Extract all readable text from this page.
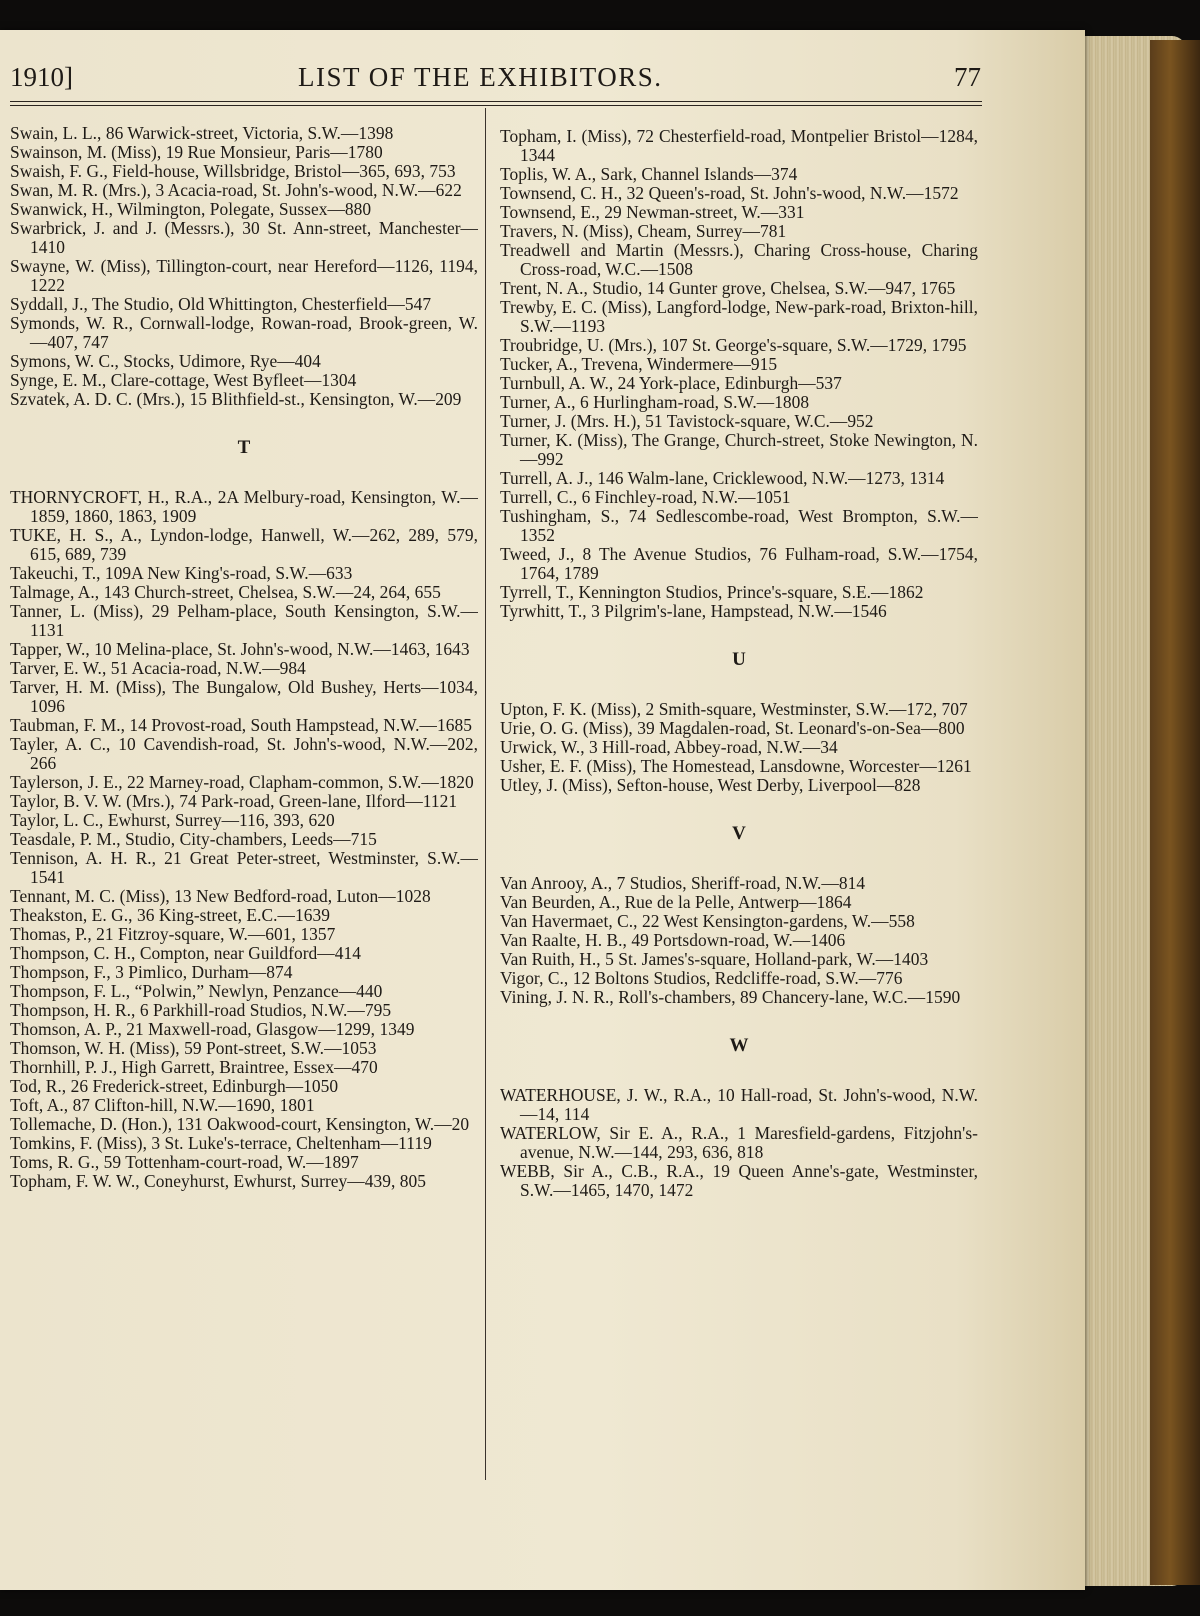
1910]	LIST OF THE EXHIBITORS.	77

Swain, L. L., 86 Warwick-street, Victoria, S.W.—1398

Swainson, M. (Miss), 19 Rue Monsieur, Paris—1780

Swaish, F. G., Field-house, Willsbridge, Bristol—365, 693, 753

Swan, M. R. (Mrs.), 3 Acacia-road, St. John's-wood, N.W.—622

Swanwick, H., Wilmington, Polegate, Sussex—880

Swarbrick, J. and J. (Messrs.), 30 St. Ann-street, Manchester—1410

Swayne, W. (Miss), Tillington-court, near Hereford—1126, 1194, 1222

Syddall, J., The Studio, Old Whittington, Chesterfield—547

Symonds, W. R., Cornwall-lodge, Rowan-road, Brook-green, W.—407, 747

Symons, W. C., Stocks, Udimore, Rye—404

Synge, E. M., Clare-cottage, West Byfleet—1304

Szvatek, A. D. C. (Mrs.), 15 Blithfield-st., Kensington, W.—209

T

THORNYCROFT, H., R.A., 2A Melbury-road, Kensington, W.—1859, 1860, 1863, 1909

TUKE, H. S., A., Lyndon-lodge, Hanwell, W.—262, 289, 579, 615, 689, 739

Takeuchi, T., 109A New King's-road, S.W.—633

Talmage, A., 143 Church-street, Chelsea, S.W.—24, 264, 655

Tanner, L. (Miss), 29 Pelham-place, South Kensington, S.W.—1131

Tapper, W., 10 Melina-place, St. John's-wood, N.W.—1463, 1643

Tarver, E. W., 51 Acacia-road, N.W.—984

Tarver, H. M. (Miss), The Bungalow, Old Bushey, Herts—1034, 1096

Taubman, F. M., 14 Provost-road, South Hampstead, N.W.—1685

Tayler, A. C., 10 Cavendish-road, St. John's-wood, N.W.—202, 266

Taylerson, J. E., 22 Marney-road, Clapham-common, S.W.—1820

Taylor, B. V. W. (Mrs.), 74 Park-road, Green-lane, Ilford—1121

Taylor, L. C., Ewhurst, Surrey—116, 393, 620

Teasdale, P. M., Studio, City-chambers, Leeds—715

Tennison, A. H. R., 21 Great Peter-street, Westminster, S.W.—1541

Tennant, M. C. (Miss), 13 New Bedford-road, Luton—1028

Theakston, E. G., 36 King-street, E.C.—1639

Thomas, P., 21 Fitzroy-square, W.—601, 1357

Thompson, C. H., Compton, near Guildford—414

Thompson, F., 3 Pimlico, Durham—874

Thompson, F. L., “Polwin,” Newlyn, Penzance—440

Thompson, H. R., 6 Parkhill-road Studios, N.W.—795

Thomson, A. P., 21 Maxwell-road, Glasgow—1299, 1349

Thomson, W. H. (Miss), 59 Pont-street, S.W.—1053

Thornhill, P. J., High Garrett, Braintree, Essex—470

Tod, R., 26 Frederick-street, Edinburgh—1050

Toft, A., 87 Clifton-hill, N.W.—1690, 1801

Tollemache, D. (Hon.), 131 Oakwood-court, Kensington, W.—20

Tomkins, F. (Miss), 3 St. Luke's-terrace, Cheltenham—1119

Toms, R. G., 59 Tottenham-court-road, W.—1897

Topham, F. W. W., Coneyhurst, Ewhurst, Surrey—439, 805

Topham, I. (Miss), 72 Chesterfield-road, Montpelier Bristol—1284, 1344

Toplis, W. A., Sark, Channel Islands—374

Townsend, C. H., 32 Queen's-road, St. John's-wood, N.W.—1572

Townsend, E., 29 Newman-street, W.—331

Travers, N. (Miss), Cheam, Surrey—781

Treadwell and Martin (Messrs.), Charing Cross-house, Charing Cross-road, W.C.—1508

Trent, N. A., Studio, 14 Gunter grove, Chelsea, S.W.—947, 1765

Trewby, E. C. (Miss), Langford-lodge, New-park-road, Brixton-hill, S.W.—1193

Troubridge, U. (Mrs.), 107 St. George's-square, S.W.—1729, 1795

Tucker, A., Trevena, Windermere—915

Turnbull, A. W., 24 York-place, Edinburgh—537

Turner, A., 6 Hurlingham-road, S.W.—1808

Turner, J. (Mrs. H.), 51 Tavistock-square, W.C.—952

Turner, K. (Miss), The Grange, Church-street, Stoke Newington, N.—992

Turrell, A. J., 146 Walm-lane, Cricklewood, N.W.—1273, 1314

Turrell, C., 6 Finchley-road, N.W.—1051

Tushingham, S., 74 Sedlescombe-road, West Brompton, S.W.—1352

Tweed, J., 8 The Avenue Studios, 76 Fulham-road, S.W.—1754, 1764, 1789

Tyrrell, T., Kennington Studios, Prince's-square, S.E.—1862

Tyrwhitt, T., 3 Pilgrim's-lane, Hampstead, N.W.—1546

U

Upton, F. K. (Miss), 2 Smith-square, Westminster, S.W.—172, 707

Urie, O. G. (Miss), 39 Magdalen-road, St. Leonard's-on-Sea—800

Urwick, W., 3 Hill-road, Abbey-road, N.W.—34

Usher, E. F. (Miss), The Homestead, Lansdowne, Worcester—1261

Utley, J. (Miss), Sefton-house, West Derby, Liverpool—828

V

Van Anrooy, A., 7 Studios, Sheriff-road, N.W.—814

Van Beurden, A., Rue de la Pelle, Antwerp—1864

Van Havermaet, C., 22 West Kensington-gardens, W.—558

Van Raalte, H. B., 49 Portsdown-road, W.—1406

Van Ruith, H., 5 St. James's-square, Holland-park, W.—1403

Vigor, C., 12 Boltons Studios, Redcliffe-road, S.W.—776

Vining, J. N. R., Roll's-chambers, 89 Chancery-lane, W.C.—1590

W

WATERHOUSE, J. W., R.A., 10 Hall-road, St. John's-wood, N.W.—14, 114

WATERLOW, Sir E. A., R.A., 1 Maresfield-gardens, Fitzjohn's-avenue, N.W.—144, 293, 636, 818

WEBB, Sir A., C.B., R.A., 19 Queen Anne's-gate, Westminster, S.W.—1465, 1470, 1472
